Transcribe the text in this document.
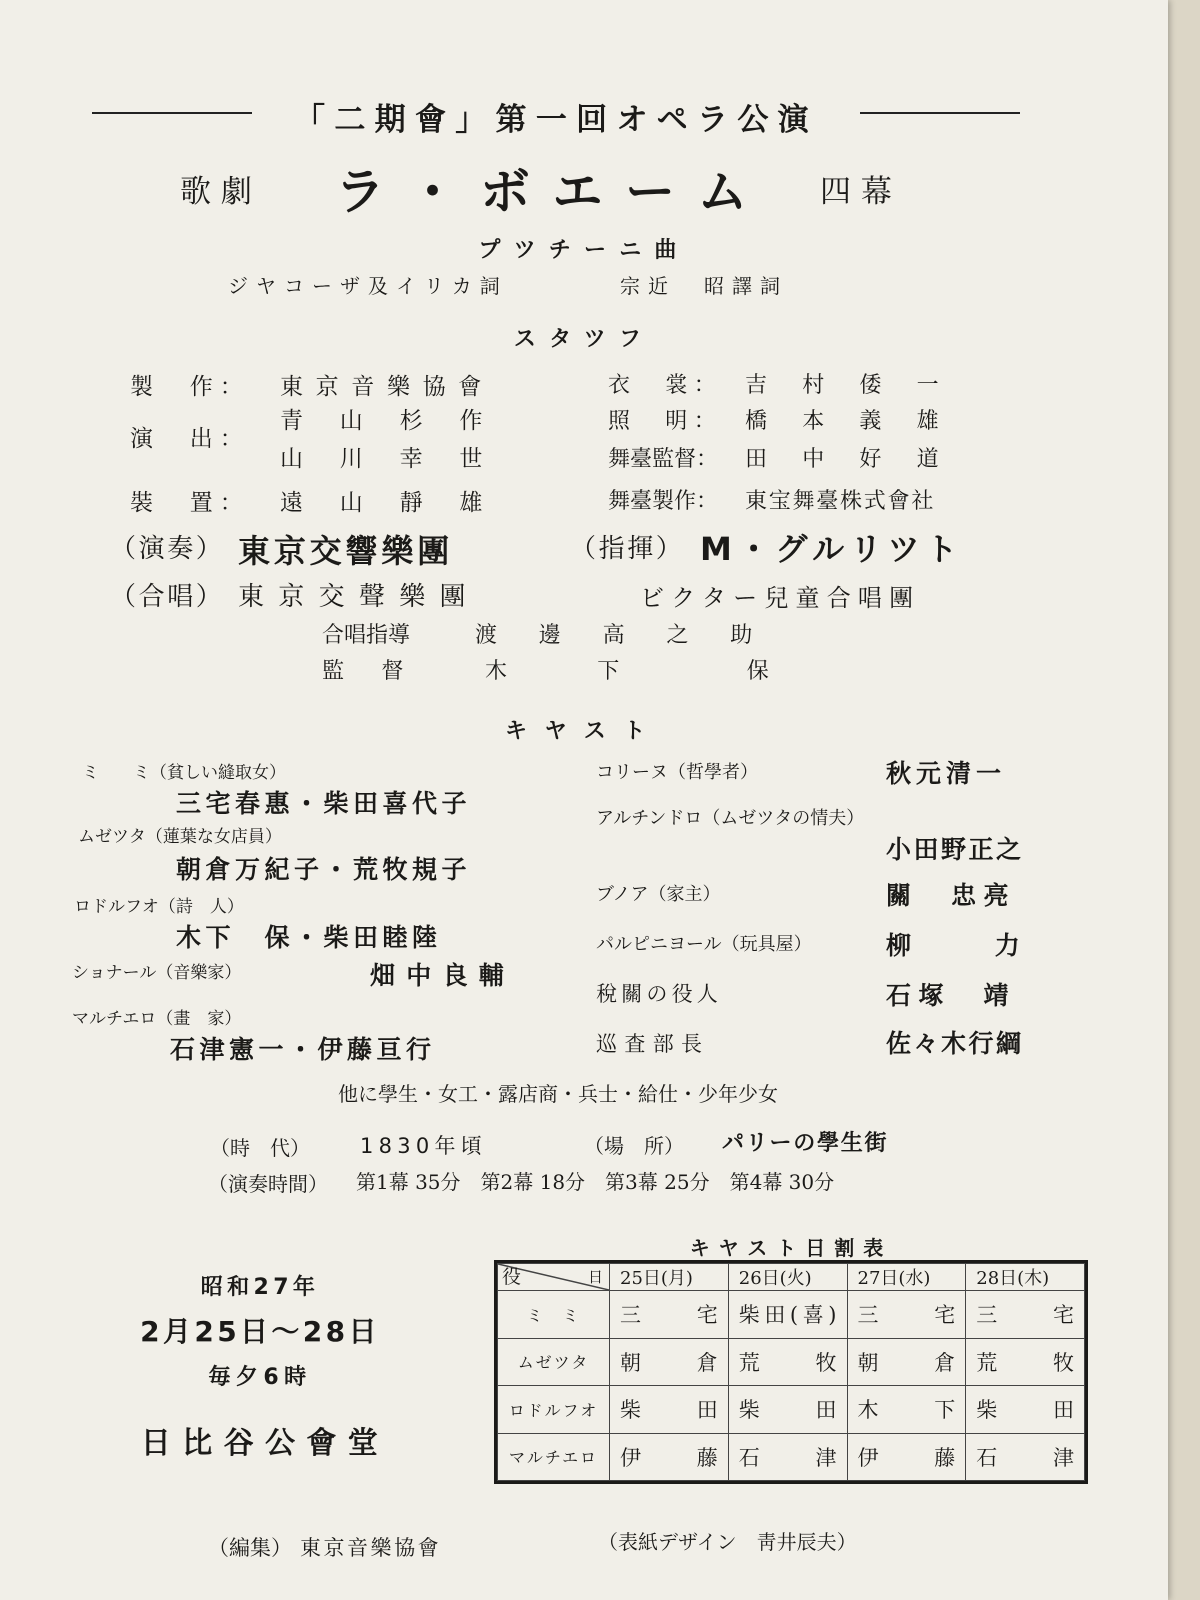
「二期會」第一回オペラ公演
歌 劇 ラ・ボエーム 四 幕
プツチーニ曲
ジヤコーザ及イリカ詞	宗近　昭譯詞
スタツフ
製　作： 東京音樂協會
演　出：
青　山　杉　作
山　川　幸　世
裝　置： 遠　山　靜　雄
衣　裳： 吉　村　倭　一
照　明： 橋　本　義　雄
舞臺監督： 田　中　好　道
舞臺製作： 東宝舞臺株式會社
（演奏） 東京交響樂團	（指揮） M・グルリツト
（合唱） 東京交聲樂團	ビクター兒童合唱團
合唱指導	渡　邊　高　之　助
監　督	木　　下　　　保
キヤスト
ミ　　ミ（貧しい縫取女）
三宅春惠・柴田喜代子
ムゼツタ（蓮葉な女店員）
朝倉万紀子・荒牧規子
ロドルフオ（詩　人）
木下　保・柴田睦陸
ショナール（音樂家）	畑中良輔
マルチエロ（畫　家）
石津憲一・伊藤亘行
コリーヌ（哲學者）	秋元清一
アルチンドロ（ムゼツタの情夫）
小田野正之
ブノア（家主）	關　忠亮
パルピニヨール（玩具屋）	柳　　力
稅關の役人	石塚　靖
巡査部長	佐々木行綱
他に學生・女工・露店商・兵士・給仕・少年少女
（時　代） 1830年頃	（場　所） パリーの學生街
（演奏時間） 第1幕 35分　第2幕 18分　第3幕 25分　第4幕 30分
昭和27年
2月25日～28日
毎夕6時
日比谷公會堂
キヤスト日割表
日
役	25日(月)	26日(火)	27日(水)	28日(木)
ミ　ミ	三　宅	柴田(喜)	三　宅	三　宅
ムゼツタ	朝　倉	荒　牧	朝　倉	荒　牧
ロドルフオ	柴　田	柴　田	木　下	柴　田
マルチエロ	伊　藤	石　津	伊　藤	石　津
（編集） 東京音樂協會	（表紙デザイン　靑井辰夫）
